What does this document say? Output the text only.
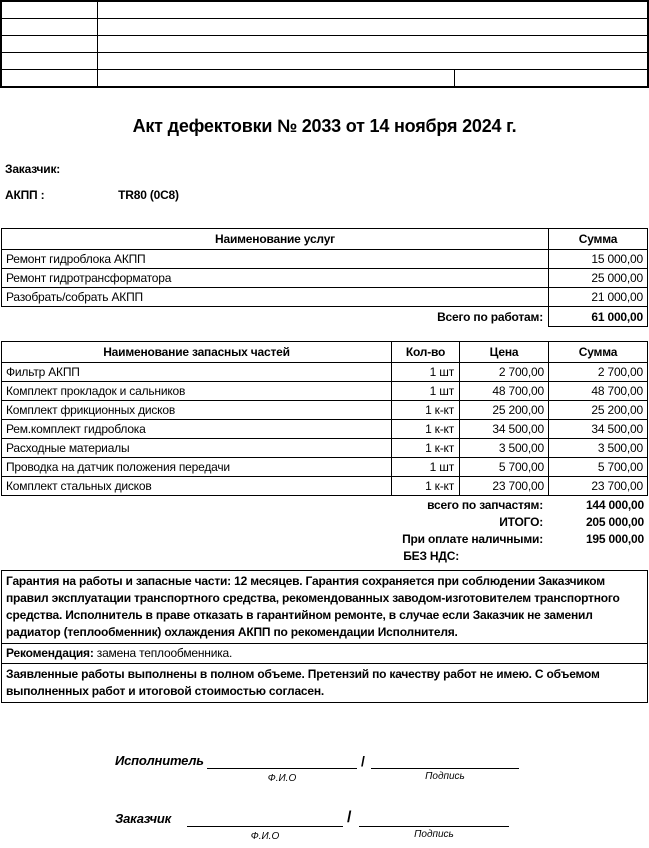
Акт дефектовки № 2033 от 14 ноября 2024 г.
Заказчик:
АКПП :	TR80 (0С8)
Наименование услуг	Сумма
Ремонт гидроблока АКПП	15 000,00
Ремонт гидротрансформатора	25 000,00
Разобрать/собрать АКПП	21 000,00
Всего по работам:	61 000,00
Наименование запасных частей	Кол-во	Цена	Сумма
Фильтр АКПП	1 шт	2 700,00	2 700,00
Комплект прокладок и сальников	1 шт	48 700,00	48 700,00
Комплект фрикционных дисков	1 к-кт	25 200,00	25 200,00
Рем.комплект гидроблока	1 к-кт	34 500,00	34 500,00
Расходные материалы	1 к-кт	3 500,00	3 500,00
Проводка на датчик положения передачи	1 шт	5 700,00	5 700,00
Комплект стальных дисков	1 к-кт	23 700,00	23 700,00
всего по запчастям:	144 000,00
ИТОГО:	205 000,00
При оплате наличными:	195 000,00
БЕЗ НДС:
Гарантия на работы и запасные части: 12 месяцев. Гарантия сохраняется при соблюдении Заказчиком правил эксплуатации транспортного средства, рекомендованных заводом-изготовителем транспортного средства. Исполнитель в праве отказать в гарантийном ремонте, в случае если Заказчик не заменил радиатор (теплообменник) охлаждения АКПП по рекомендации Исполнителя.
Рекомендация: замена теплообменника.
Заявленные работы выполнены в полном объеме. Претензий по качеству работ не имею. С объемом выполненных работ и итоговой стоимостью согласен.
Исполнитель	/
Ф.И.О	Подпись
Заказчик	/
Ф.И.О	Подпись
